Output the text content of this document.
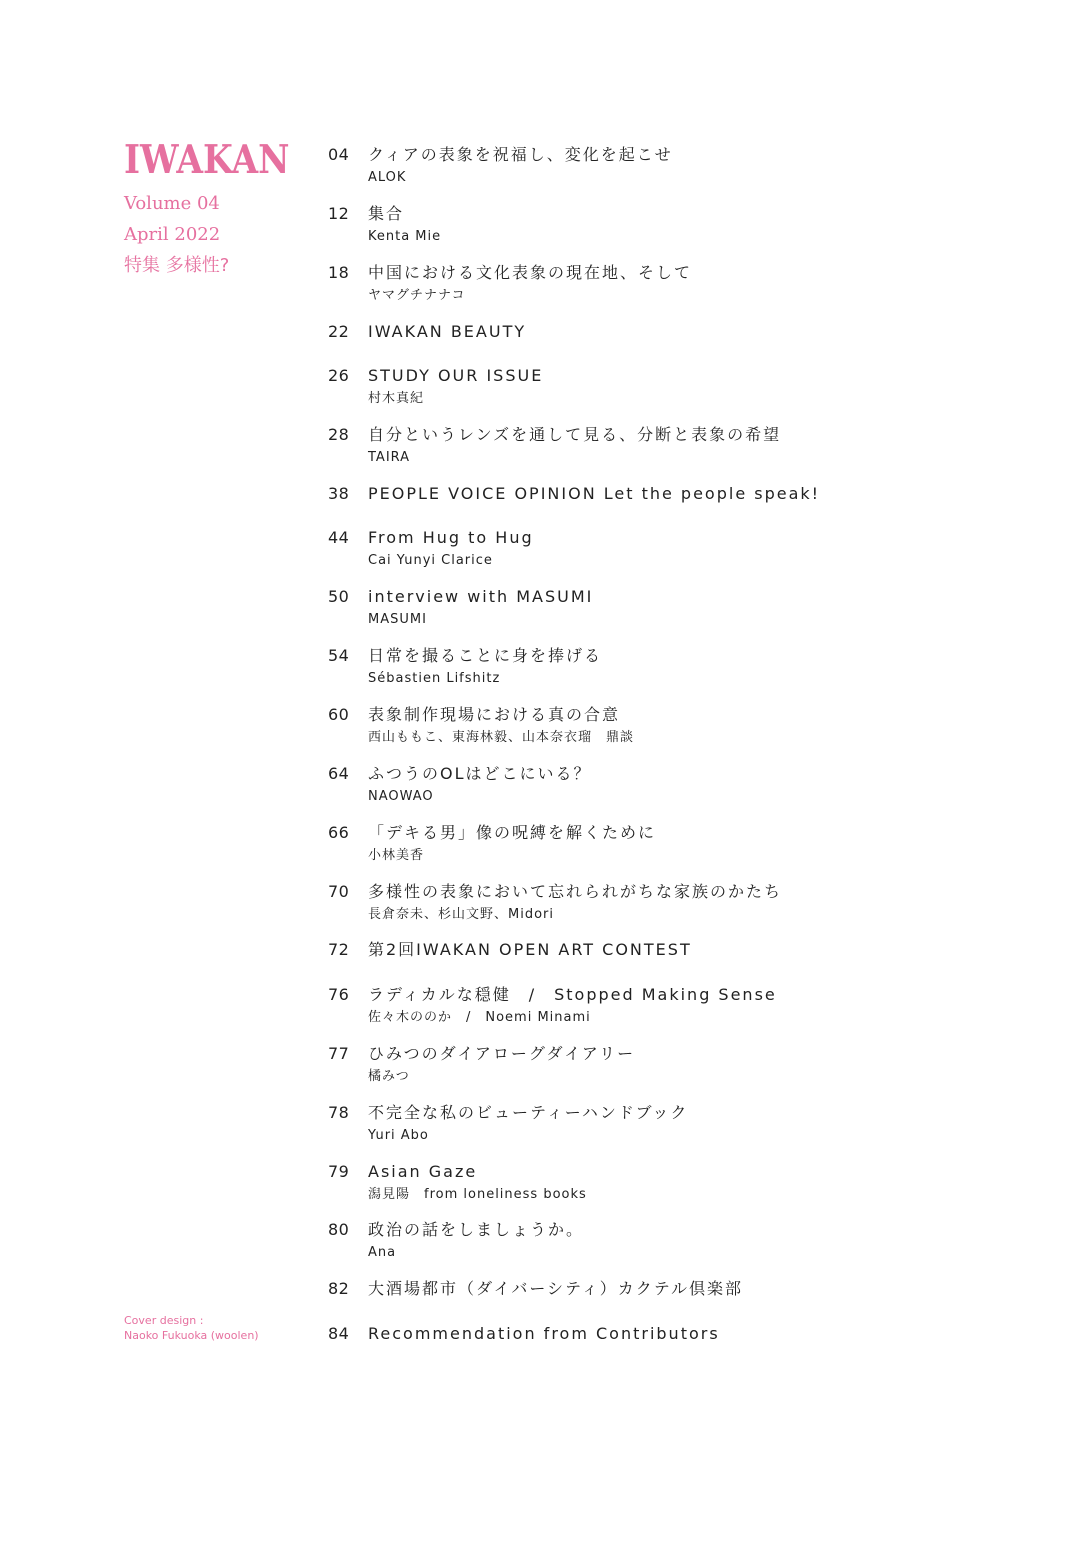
IWAKAN
Volume 04
April 2022
特集 多様性?
Cover design :
Naoko Fukuoka (woolen)
04 クィアの表象を祝福し、変化を起こせ
ALOK
12 集合
Kenta Mie
18 中国における文化表象の現在地、そして
ヤマグチナナコ
22 IWAKAN BEAUTY
26 STUDY OUR ISSUE
村木真紀
28 自分というレンズを通して見る、分断と表象の希望
TAIRA
38 PEOPLE VOICE OPINION Let the people speak!
44 From Hug to Hug
Cai Yunyi Clarice
50 interview with MASUMI
MASUMI
54 日常を撮ることに身を捧げる
Sébastien Lifshitz
60 表象制作現場における真の合意
西山ももこ、東海林毅、山本奈衣瑠　鼎談
64 ふつうのOLはどこにいる？
NAOWAO
66 「デキる男」像の呪縛を解くために
小林美香
70 多様性の表象において忘れられがちな家族のかたち
長倉奈未、杉山文野、Midori
72 第2回IWAKAN OPEN ART CONTEST
76 ラディカルな穏健　/　Stopped Making Sense
佐々木ののか　/　Noemi Minami
77 ひみつのダイアローグダイアリー
橘みつ
78 不完全な私のビューティーハンドブック
Yuri Abo
79 Asian Gaze
潟見陽　from loneliness books
80 政治の話をしましょうか。
Ana
82 大酒場都市（ダイバーシティ）カクテル倶楽部
84 Recommendation from Contributors
